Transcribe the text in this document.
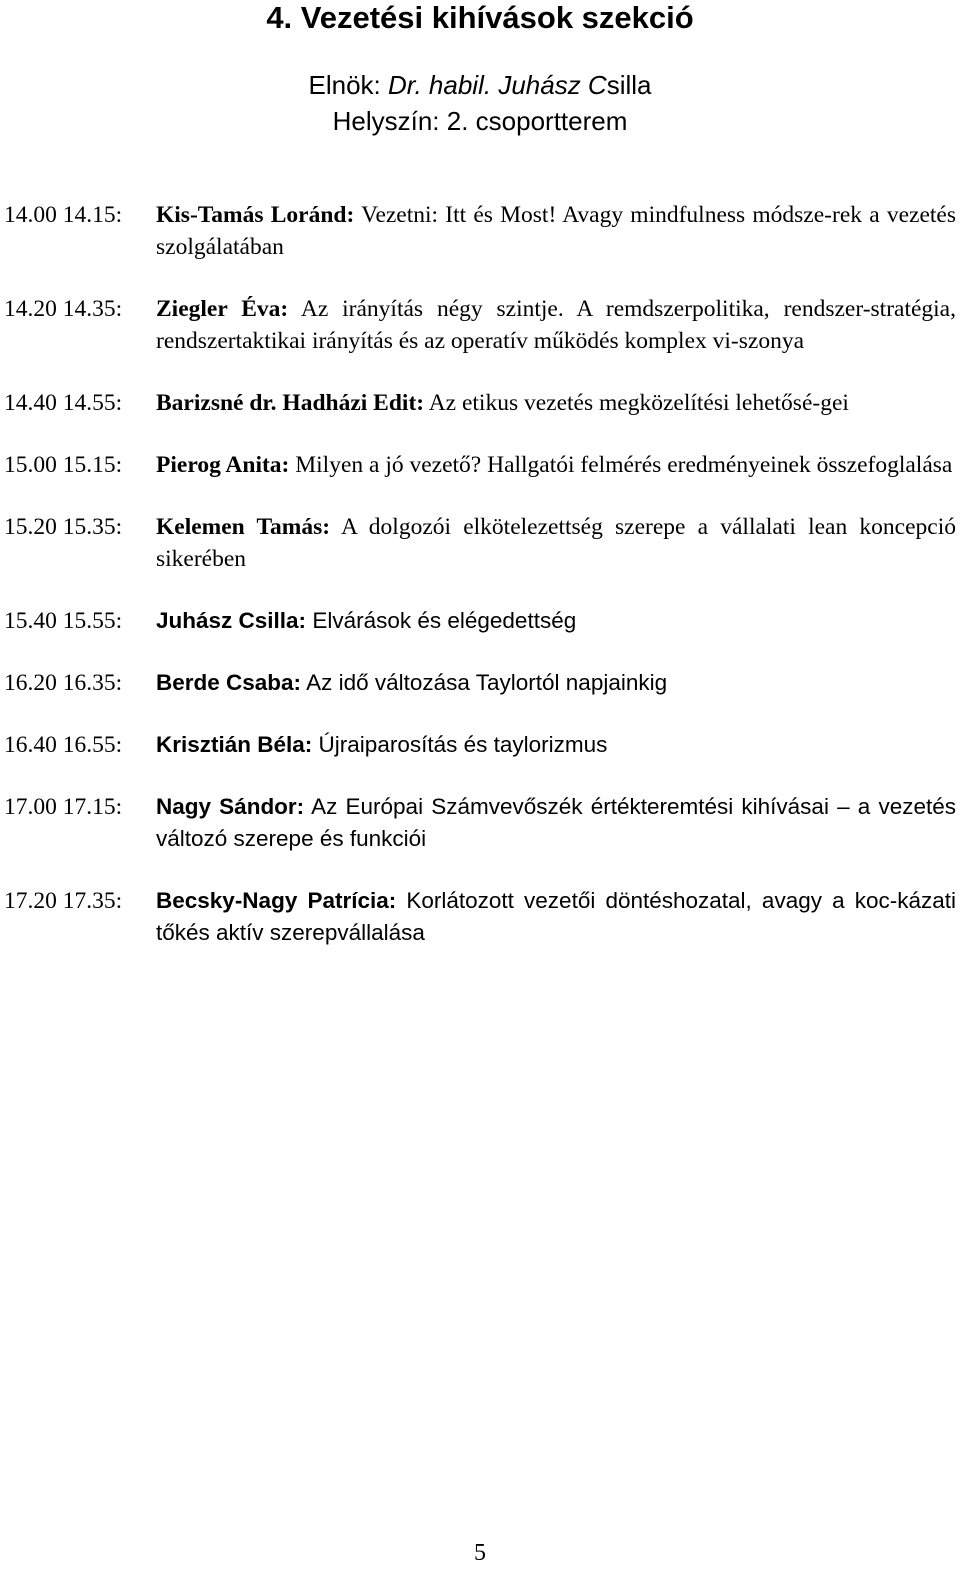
4. Vezetési kihívások szekció
Elnök: Dr. habil. Juhász Csilla
Helyszín: 2. csoportterem
14.00 14.15:	Kis-Tamás Loránd: Vezetni: Itt és Most! Avagy mindfulness módsze-rek a vezetés szolgálatában
14.20 14.35:	Ziegler Éva: Az irányítás négy szintje. A remdszerpolitika, rendszer-stratégia, rendszertaktikai irányítás és az operatív működés komplex vi-szonya
14.40 14.55:	Barizsné dr. Hadházi Edit: Az etikus vezetés megközelítési lehetősé-gei
15.00 15.15:	Pierog Anita: Milyen a jó vezető? Hallgatói felmérés eredményeinek összefoglalása
15.20 15.35:	Kelemen Tamás: A dolgozói elkötelezettség szerepe a vállalati lean koncepció sikerében
15.40 15.55:	Juhász Csilla: Elvárások és elégedettség
16.20 16.35:	Berde Csaba: Az idő változása Taylortól napjainkig
16.40 16.55:	Krisztián Béla: Újraiparosítás és taylorizmus
17.00 17.15:	Nagy Sándor: Az Európai Számvevőszék értékteremtési kihívásai – a vezetés változó szerepe és funkciói
17.20 17.35:	Becsky-Nagy Patrícia: Korlátozott vezetői döntéshozatal, avagy a koc-kázati tőkés aktív szerepvállalása
5
